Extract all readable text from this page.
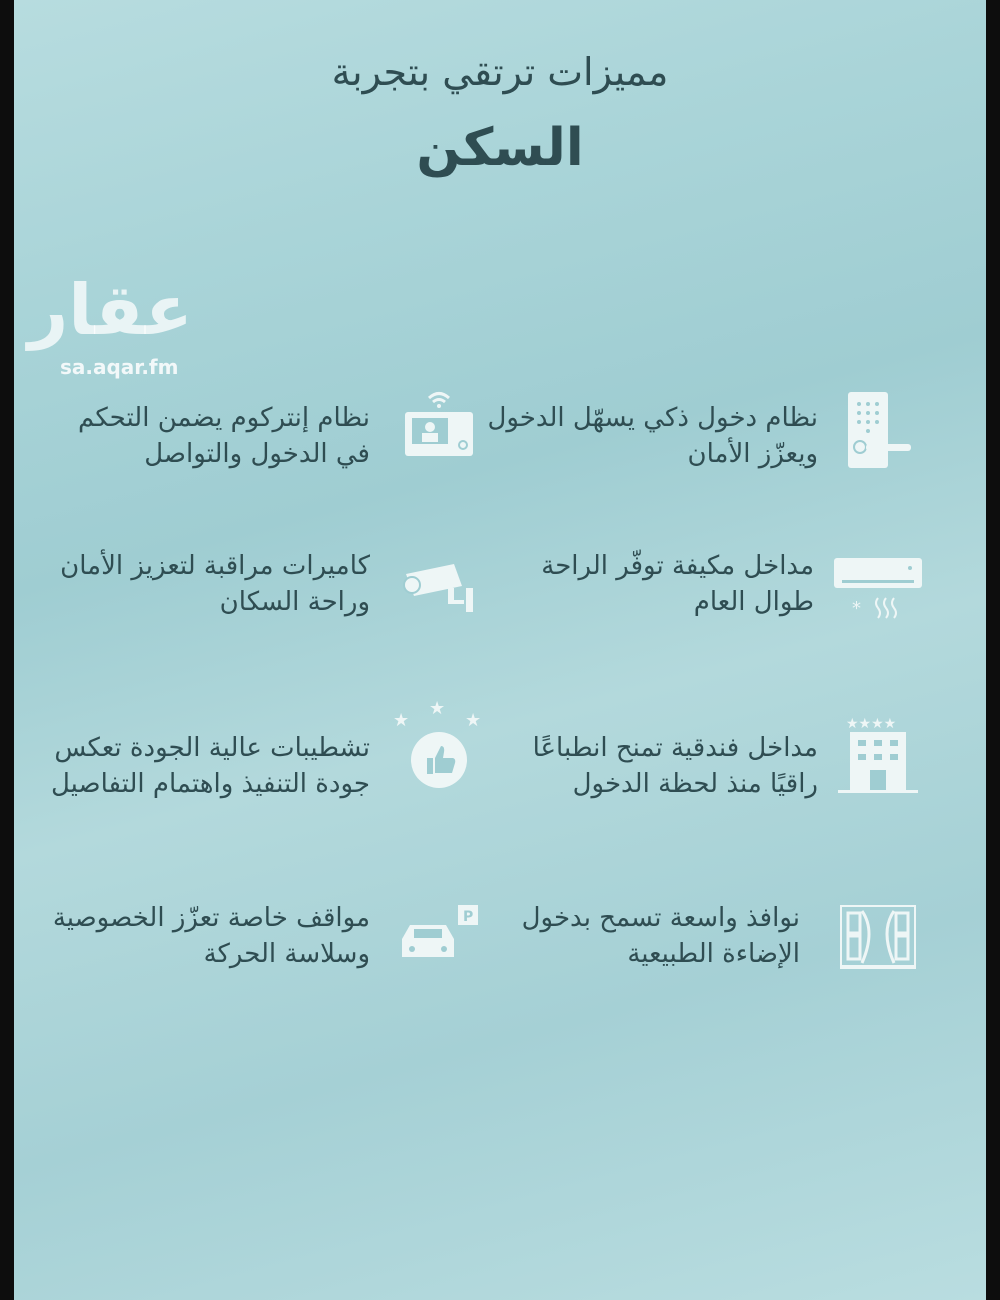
مميزات ترتقي بتجربة
السكن
عقار
sa.aqar.fm
نظام دخول ذكي يسهّل الدخول
ويعزّز الأمان
نظام إنتركوم يضمن التحكم
في الدخول والتواصل
*
مداخل مكيفة توفّر الراحة
طوال العام
كاميرات مراقبة لتعزيز الأمان
وراحة السكان
★★★★
مداخل فندقية تمنح انطباعًا
راقيًا منذ لحظة الدخول
★
★
★
تشطيبات عالية الجودة تعكس
جودة التنفيذ واهتمام التفاصيل
نوافذ واسعة تسمح بدخول
الإضاءة الطبيعية
P
مواقف خاصة تعزّز الخصوصية
وسلاسة الحركة
